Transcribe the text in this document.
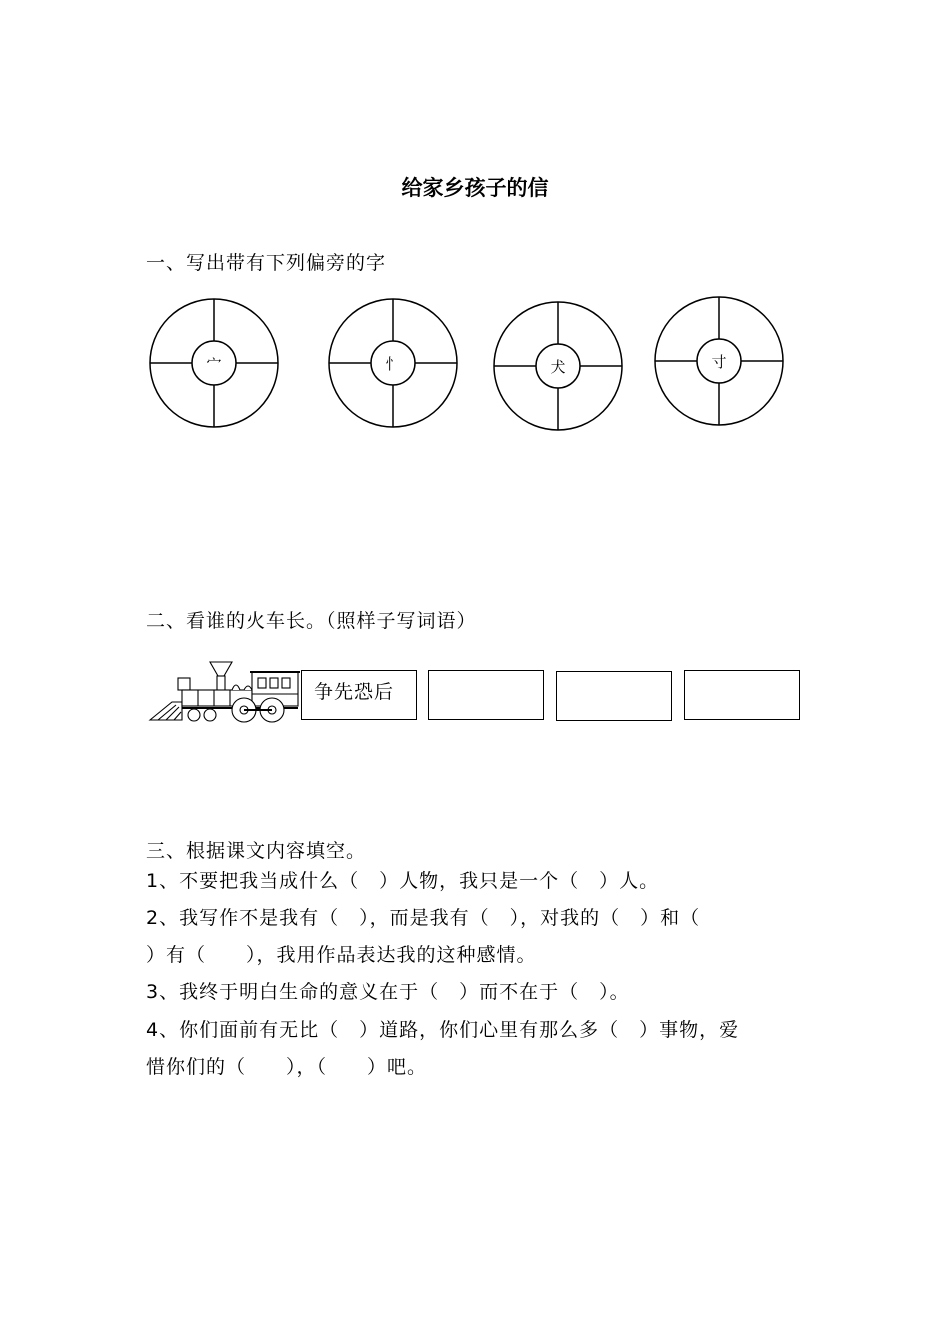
给家乡孩子的信
一、写出带有下列偏旁的字
宀	忄	犬	寸
二、看谁的火车长。（照样子写词语）
争先恐后
三、根据课文内容填空。
1、不要把我当成什么（　）人物，我只是一个（　）人。
2、我写作不是我有（　），而是我有（　），对我的（　）和（
）有（　　），我用作品表达我的这种感情。
3、我终于明白生命的意义在于（　）而不在于（　）。
4、你们面前有无比（　）道路，你们心里有那么多（　）事物，爱
惜你们的（　　），（　　）吧。
